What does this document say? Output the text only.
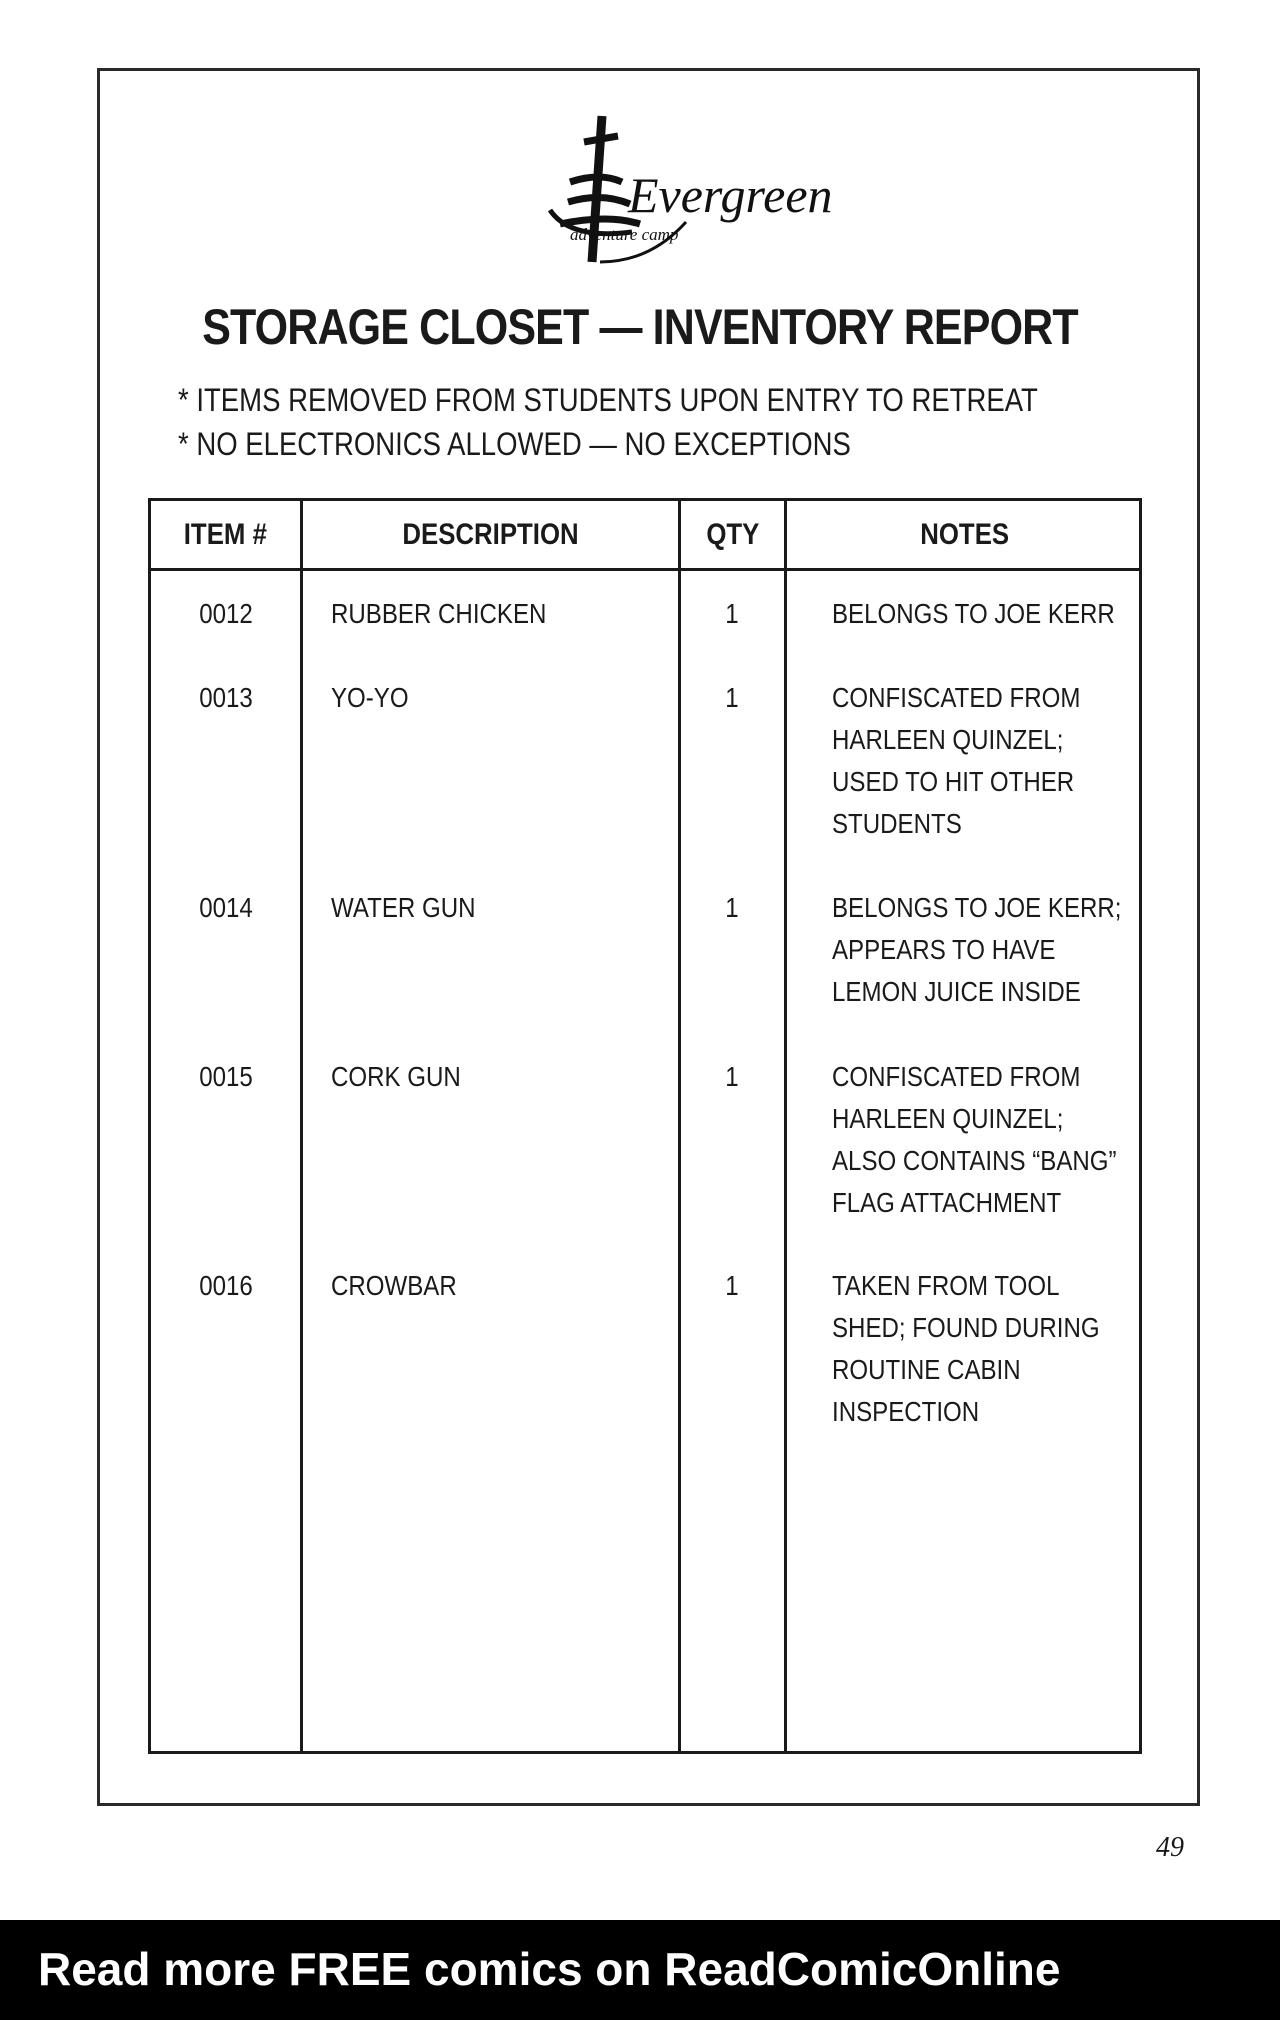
Evergreen
adventure camp
STORAGE CLOSET — INVENTORY REPORT
* ITEMS REMOVED FROM STUDENTS UPON ENTRY TO RETREAT
* NO ELECTRONICS ALLOWED — NO EXCEPTIONS
ITEM #	DESCRIPTION	QTY	NOTES
0012	RUBBER CHICKEN	1	BELONGS TO JOE KERR
0013	YO-YO	1	CONFISCATED FROM
HARLEEN QUINZEL;
USED TO HIT OTHER
STUDENTS
0014	WATER GUN	1	BELONGS TO JOE KERR;
APPEARS TO HAVE
LEMON JUICE INSIDE
0015	CORK GUN	1	CONFISCATED FROM
HARLEEN QUINZEL;
ALSO CONTAINS “BANG”
FLAG ATTACHMENT
0016	CROWBAR	1	TAKEN FROM TOOL
SHED; FOUND DURING
ROUTINE CABIN
INSPECTION
49
Read more FREE comics on ReadComicOnline
